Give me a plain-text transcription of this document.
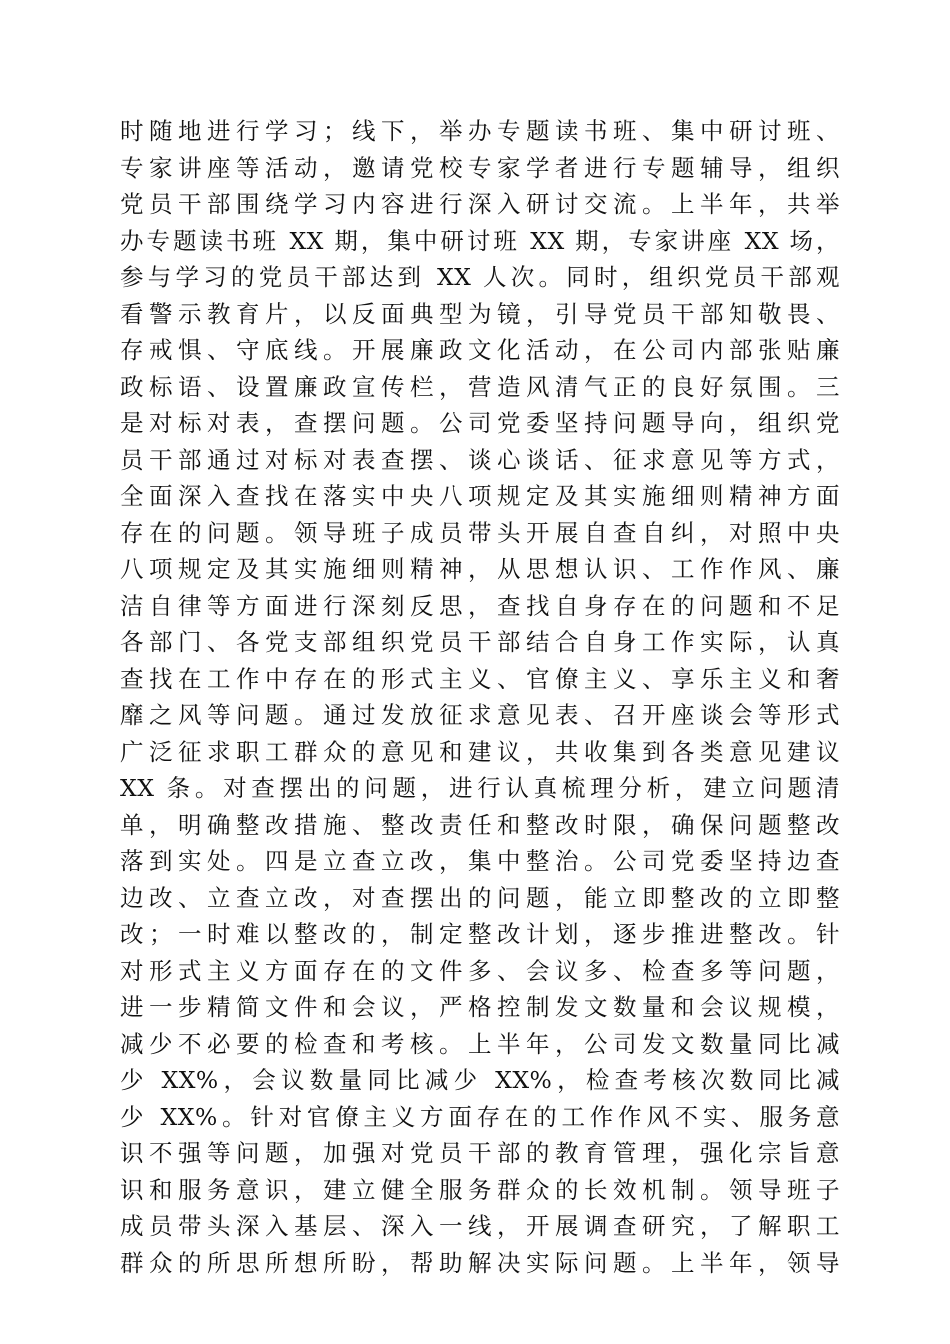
时随地进行学习；线下，举办专题读书班、集中研讨班、
专家讲座等活动，邀请党校专家学者进行专题辅导，组织
党员干部围绕学习内容进行深入研讨交流。上半年，共举
办专题读书班 XX 期，集中研讨班 XX 期，专家讲座 XX 场，
参与学习的党员干部达到 XX 人次。同时，组织党员干部观
看警示教育片，以反面典型为镜，引导党员干部知敬畏、
存戒惧、守底线。开展廉政文化活动，在公司内部张贴廉
政标语、设置廉政宣传栏，营造风清气正的良好氛围。三
是对标对表，查摆问题。公司党委坚持问题导向，组织党
员干部通过对标对表查摆、谈心谈话、征求意见等方式，
全面深入查找在落实中央八项规定及其实施细则精神方面
存在的问题。领导班子成员带头开展自查自纠，对照中央
八项规定及其实施细则精神，从思想认识、工作作风、廉
洁自律等方面进行深刻反思，查找自身存在的问题和不足
各部门、各党支部组织党员干部结合自身工作实际，认真
查找在工作中存在的形式主义、官僚主义、享乐主义和奢
靡之风等问题。通过发放征求意见表、召开座谈会等形式
广泛征求职工群众的意见和建议，共收集到各类意见建议
XX 条。对查摆出的问题，进行认真梳理分析，建立问题清
单，明确整改措施、整改责任和整改时限，确保问题整改
落到实处。四是立查立改，集中整治。公司党委坚持边查
边改、立查立改，对查摆出的问题，能立即整改的立即整
改；一时难以整改的，制定整改计划，逐步推进整改。针
对形式主义方面存在的文件多、会议多、检查多等问题，
进一步精简文件和会议，严格控制发文数量和会议规模，
减少不必要的检查和考核。上半年，公司发文数量同比减
少 XX%，会议数量同比减少 XX%，检查考核次数同比减
少 XX%。针对官僚主义方面存在的工作作风不实、服务意
识不强等问题，加强对党员干部的教育管理，强化宗旨意
识和服务意识，建立健全服务群众的长效机制。领导班子
成员带头深入基层、深入一线，开展调查研究，了解职工
群众的所思所想所盼，帮助解决实际问题。上半年，领导
